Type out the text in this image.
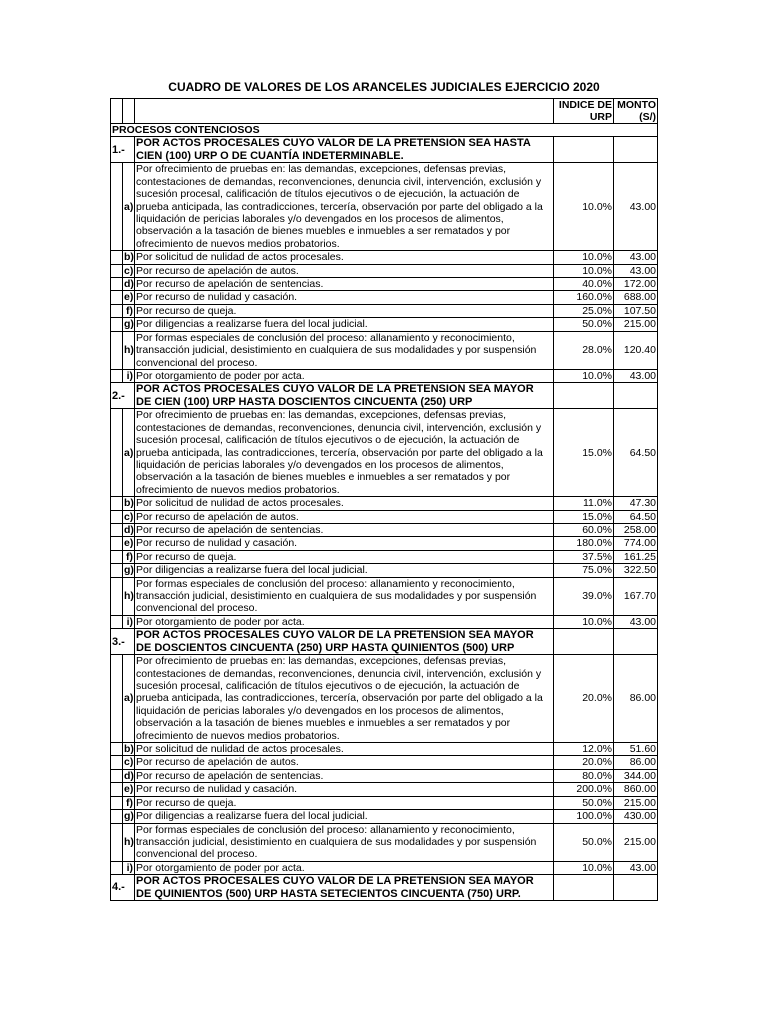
CUADRO DE VALORES DE LOS ARANCELES JUDICIALES EJERCICIO 2020
			INDICE DE URP	MONTO (S/)
PROCESOS CONTENCIOSOS				
1.-		POR ACTOS PROCESALES CUYO VALOR DE LA PRETENSION SEA HASTA CIEN (100) URP O DE CUANTÍA INDETERMINABLE.		
	a)	Por ofrecimiento de pruebas en: las demandas, excepciones, defensas previas, contestaciones de demandas, reconvenciones, denuncia civil, intervención, exclusión y sucesión procesal, calificación de títulos ejecutivos o de ejecución, la actuación de prueba anticipada, las contradicciones, tercería, observación por parte del obligado a la liquidación de pericias laborales y/o devengados en los procesos de alimentos, observación a la tasación de bienes muebles e inmuebles a ser rematados y por ofrecimiento de nuevos medios probatorios.	10.0%	43.00
	b)	Por solicitud de nulidad de actos procesales.	10.0%	43.00
	c)	Por recurso de apelación de autos.	10.0%	43.00
	d)	Por recurso de apelación de sentencias.	40.0%	172.00
	e)	Por recurso de nulidad y casación.	160.0%	688.00
	f)	Por recurso de queja.	25.0%	107.50
	g)	Por diligencias a realizarse fuera del local judicial.	50.0%	215.00
	h)	Por formas especiales de conclusión del proceso: allanamiento y reconocimiento, transacción judicial, desistimiento en cualquiera de sus modalidades y por suspensión convencional del proceso.	28.0%	120.40
	i)	Por otorgamiento de poder por acta.	10.0%	43.00
2.-		POR ACTOS PROCESALES CUYO VALOR DE LA PRETENSION SEA MAYOR DE CIEN (100) URP HASTA DOSCIENTOS CINCUENTA (250) URP		
	a)	Por ofrecimiento de pruebas en: las demandas, excepciones, defensas previas, contestaciones de demandas, reconvenciones, denuncia civil, intervención, exclusión y sucesión procesal, calificación de títulos ejecutivos o de ejecución, la actuación de prueba anticipada, las contradicciones, tercería, observación por parte del obligado a la liquidación de pericias laborales y/o devengados en los procesos de alimentos, observación a la tasación de bienes muebles e inmuebles a ser rematados y por ofrecimiento de nuevos medios probatorios.	15.0%	64.50
	b)	Por solicitud de nulidad de actos procesales.	11.0%	47.30
	c)	Por recurso de apelación de autos.	15.0%	64.50
	d)	Por recurso de apelación de sentencias.	60.0%	258.00
	e)	Por recurso de nulidad y casación.	180.0%	774.00
	f)	Por recurso de queja.	37.5%	161.25
	g)	Por diligencias a realizarse fuera del local judicial.	75.0%	322.50
	h)	Por formas especiales de conclusión del proceso: allanamiento y reconocimiento, transacción judicial, desistimiento en cualquiera de sus modalidades y por suspensión convencional del proceso.	39.0%	167.70
	i)	Por otorgamiento de poder por acta.	10.0%	43.00
3.-		POR ACTOS PROCESALES CUYO VALOR DE LA PRETENSION SEA MAYOR DE DOSCIENTOS CINCUENTA (250) URP HASTA QUINIENTOS (500) URP		
	a)	Por ofrecimiento de pruebas en: las demandas, excepciones, defensas previas, contestaciones de demandas, reconvenciones, denuncia civil, intervención, exclusión y sucesión procesal, calificación de títulos ejecutivos o de ejecución, la actuación de prueba anticipada, las contradicciones, tercería, observación por parte del obligado a la liquidación de pericias laborales y/o devengados en los procesos de alimentos, observación a la tasación de bienes muebles e inmuebles a ser rematados y por ofrecimiento de nuevos medios probatorios.	20.0%	86.00
	b)	Por solicitud de nulidad de actos procesales.	12.0%	51.60
	c)	Por recurso de apelación de autos.	20.0%	86.00
	d)	Por recurso de apelación de sentencias.	80.0%	344.00
	e)	Por recurso de nulidad y casación.	200.0%	860.00
	f)	Por recurso de queja.	50.0%	215.00
	g)	Por diligencias a realizarse fuera del local judicial.	100.0%	430.00
	h)	Por formas especiales de conclusión del proceso: allanamiento y reconocimiento, transacción judicial, desistimiento en cualquiera de sus modalidades y por suspensión convencional del proceso.	50.0%	215.00
	i)	Por otorgamiento de poder por acta.	10.0%	43.00
4.-		POR ACTOS PROCESALES CUYO VALOR DE LA PRETENSION SEA MAYOR DE QUINIENTOS (500) URP HASTA SETECIENTOS CINCUENTA (750) URP.		
